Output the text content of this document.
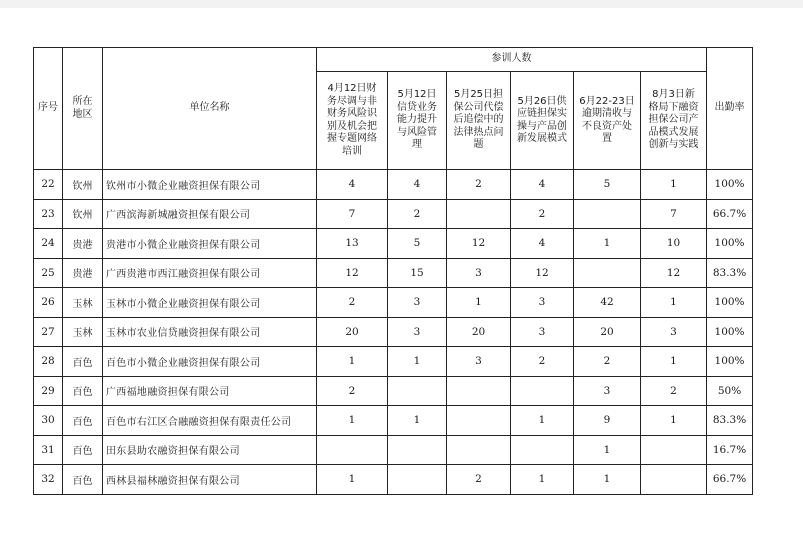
序号	所在地区	单位名称	参训人数						出勤率
			4月12日财务尽调与非财务风险识别及机会把握专题网络培训	5月12日信贷业务能力提升与风险管理	5月25日担保公司代偿后追偿中的法律热点问题	5月26日供应链担保实操与产品创新发展模式	6月22-23日逾期清收与不良资产处置	8月3日新格局下融资担保公司产品模式发展创新与实践	
22	钦州	钦州市小微企业融资担保有限公司	4	4	2	4	5	1	100%
23	钦州	广西滨海新城融资担保有限公司	7	2		2		7	66.7%
24	贵港	贵港市小微企业融资担保有限公司	13	5	12	4	1	10	100%
25	贵港	广西贵港市西江融资担保有限公司	12	15	3	12		12	83.3%
26	玉林	玉林市小微企业融资担保有限公司	2	3	1	3	42	1	100%
27	玉林	玉林市农业信贷融资担保有限公司	20	3	20	3	20	3	100%
28	百色	百色市小微企业融资担保有限公司	1	1	3	2	2	1	100%
29	百色	广西福地融资担保有限公司	2				3	2	50%
30	百色	百色市右江区合融融资担保有限责任公司	1	1		1	9	1	83.3%
31	百色	田东县助农融资担保有限公司					1		16.7%
32	百色	西林县福林融资担保有限公司	1		2	1	1		66.7%
